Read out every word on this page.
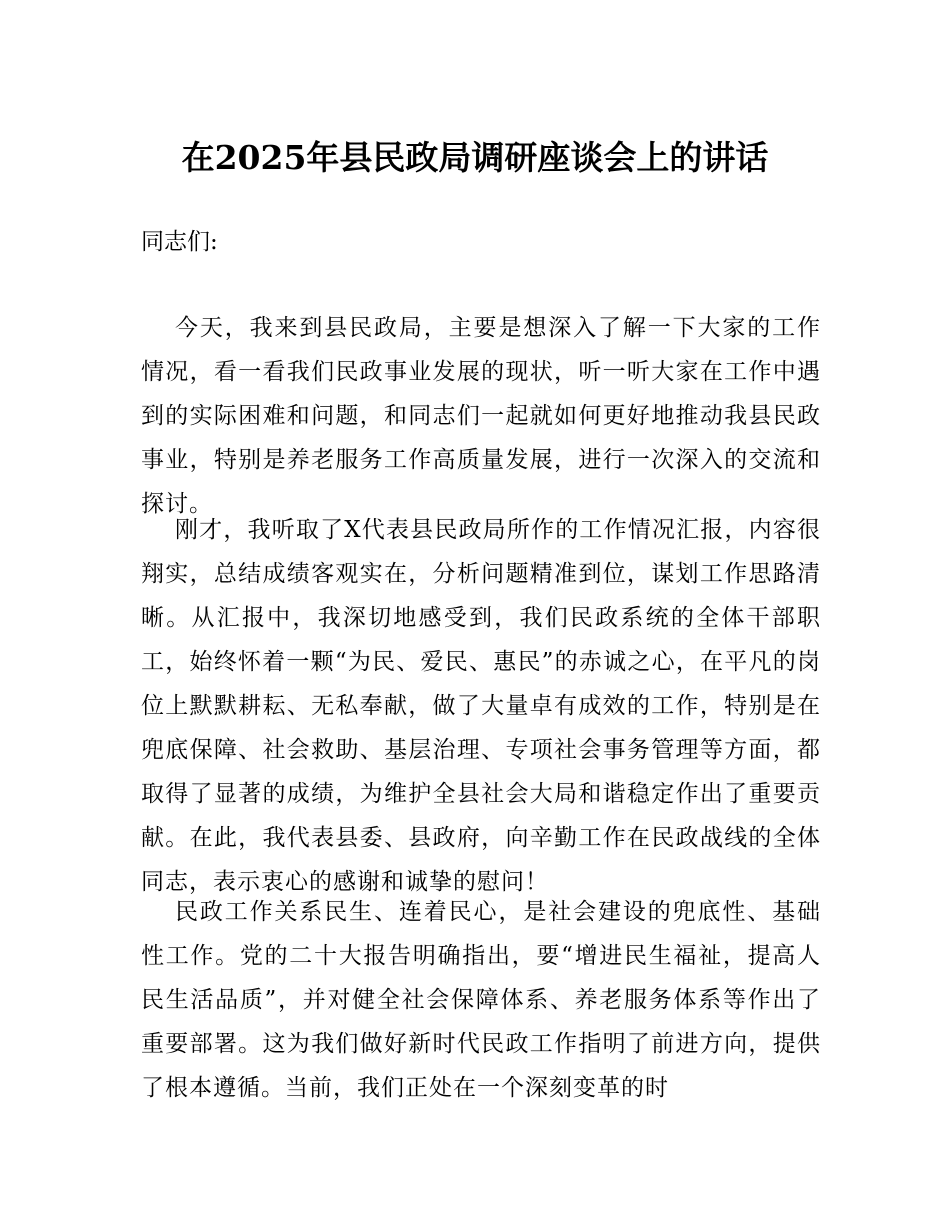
在2025年县民政局调研座谈会上的讲话
同志们:

今天，我来到县民政局，主要是想深入了解一下大家的工作情况，看一看我们民政事业发展的现状，听一听大家在工作中遇到的实际困难和问题，和同志们一起就如何更好地推动我县民政事业，特别是养老服务工作高质量发展，进行一次深入的交流和探讨。

刚才，我听取了X代表县民政局所作的工作情况汇报，内容很翔实，总结成绩客观实在，分析问题精准到位，谋划工作思路清晰。从汇报中，我深切地感受到，我们民政系统的全体干部职工，始终怀着一颗“为民、爱民、惠民”的赤诚之心，在平凡的岗位上默默耕耘、无私奉献，做了大量卓有成效的工作，特别是在兜底保障、社会救助、基层治理、专项社会事务管理等方面，都取得了显著的成绩，为维护全县社会大局和谐稳定作出了重要贡献。在此，我代表县委、县政府，向辛勤工作在民政战线的全体同志，表示衷心的感谢和诚挚的慰问！

民政工作关系民生、连着民心，是社会建设的兜底性、基础性工作。党的二十大报告明确指出，要“增进民生福祉，提高人民生活品质”，并对健全社会保障体系、养老服务体系等作出了重要部署。这为我们做好新时代民政工作指明了前进方向，提供了根本遵循。当前，我们正处在一个深刻变革的时
